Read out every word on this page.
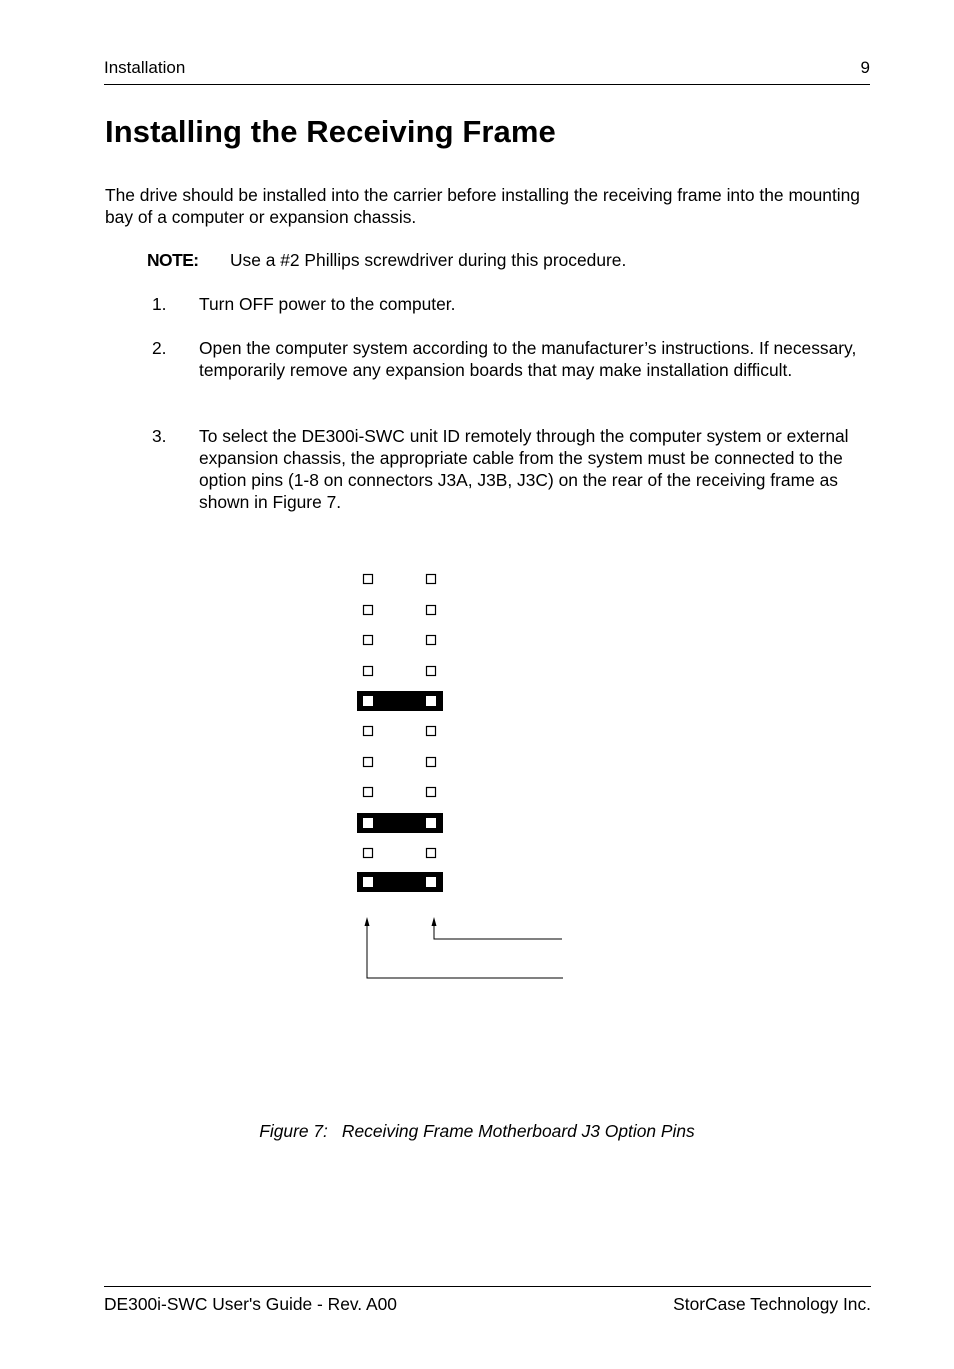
Installation	9
Installing the Receiving Frame

The drive should be installed into the carrier before installing the receiving frame into the mounting bay of a computer or expansion chassis.

NOTE: Use a #2 Phillips screwdriver during this procedure.
1. Turn OFF power to the computer.

2. Open the computer system according to the manufacturer’s instructions. If necessary, temporarily remove any expansion boards that may make installation difficult.

3. To select the DE300i-SWC unit ID remotely through the computer system or external expansion chassis, the appropriate cable from the system must be connected to the option pins (1-8 on connectors J3A, J3B, J3C) on the rear of the receiving frame as shown in Figure 7.

Figure 7: Receiving Frame Motherboard J3 Option Pins
DE300i-SWC User's Guide - Rev. A00	StorCase Technology Inc.
